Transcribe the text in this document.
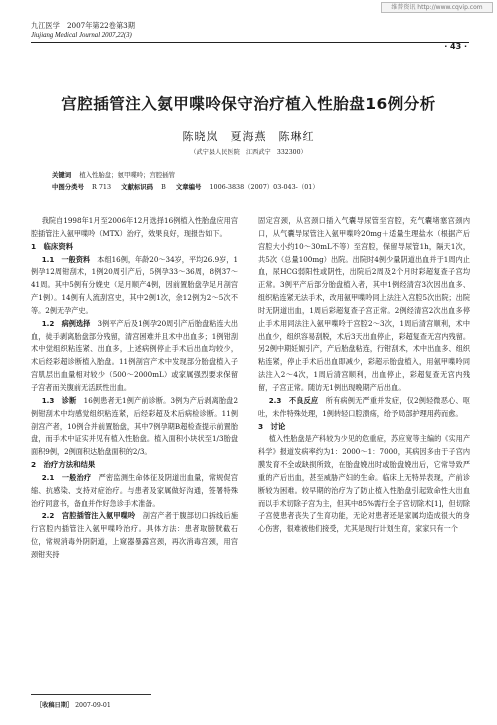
维普资讯 http://www.cqvip.com
九江医学　2007年第22卷第3期
Jiujiang Medical Journal 2007,22(3)
· 43 ·
宫腔插管注入氨甲喋呤保守治疗植入性胎盘16例分析
陈晓岚　夏海燕　陈琳红
（武宁县人民医院　江西武宁　332300）
关键词 植入性胎盘；氨甲喋呤；宫腔插管
中图分类号 R 713 文献标识码 B 文章编号 1006-3838（2007）03-043-（01）

我院自1998年1月至2006年12月选择16例植入性胎盘应用宫腔插管注入氨甲喋呤（MTX）治疗，效果良好，现报告如下。

1　临床资料

1.1　一般资料　 本组16例，年龄20～34岁，平均26.9岁，1例孕12周钳刮术，1例20周引产后，5例孕33～36周，8例37～41周。其中5例有分娩史（足月顺产4例，因前置胎盘孕足月剖宫产1例）。14例有人流刮宫史，其中2例1次，余12例为2～5次不等。2例无孕产史。

1.2　病例选择　 3例平产后及1例孕20周引产后胎盘粘连大出血，徒手剥离胎盘部分残留，清宫困难并且术中出血多；1例钳刮术中觉组织粘连紧、出血多，上述病例停止手术后出血均较少，术后经彩超诊断植入胎盘。11例剖宫产术中发现部分胎盘植入子宫肌层出血量相对较少（500～2000mL）或家属强烈要求保留子宫者而关腹前无活跃性出血。

1.3　诊断　 16例患者无1例产前诊断。3例为产后剥离胎盘2例钳刮术中均感觉组织粘连紧，后经彩超及术后病检诊断。11例剖宫产者，10例合并前置胎盘，其中7例孕期B超检查提示前置胎盘，而手术中证实并见有植入性胎盘。植入面积小块状至1/3胎盘面积9例，2例面积达胎盘面积的2/3。

2　治疗方法和结果

2.1　一般治疗　 严密监测生命体征及阴道出血量，常规促宫缩、抗感染、支持对症治疗。与患者及家属做好沟通，签署特殊治疗同意书，备血并作好急诊手术准备。

2.2　宫腔插管注入氨甲喋呤　 剖宫产者于腹部切口拆线后施行宫腔内插管注入氨甲喋呤治疗。具体方法：患者取膀胱截石位，常规消毒外阴阴道，上窥器暴露宫颈，再次消毒宫颈，用宫颈钳夹持

固定宫颈，从宫颈口插入气囊导尿管至宫腔，充气囊堵塞宫颈内口，从气囊导尿管注入氨甲喋呤20mg＋适量生理盐水（根据产后宫腔大小约10～30mL不等）至宫腔，保留导尿管1h，隔天1次，共5次（总量100mg）出院。出院时4例少量阴道出血并于1周内止血，尿HCG弱阳性或阴性，出院后2周及2个月时彩超复查子宫均正常。3例平产后部分胎盘植入者，其中1例经清宫3次因出血多、组织粘连紧无法手术，改用氨甲喋呤同上法注入宫腔5次出院；出院时无阴道出血，1周后彩超复查子宫正常。2例经清宫2次出血多停止手术用同法注入氨甲喋呤于宫腔2～3次，1周后清宫顺利，术中出血少，组织容易刮脱，术后3天出血停止，彩超复查无宫内残留。另2例中期妊娠引产，产后胎盘粘连，行钳刮术，术中出血多、组织粘连紧，停止手术后出血即减少，彩超示胎盘植入，用氨甲喋呤同法注入2～4次，1周后清宫顺利，出血停止，彩超复查无宫内残留，子宫正常。随访无1例出现晚期产后出血。

2.3　不良反应　 所有病例无严重并发症，仅2例轻微恶心、呕吐，未作特殊处理，1例转轻口腔溃疡，给予局部护理用药而愈。

3　讨论

植入性胎盘是产科较为少见的危重症，苏应宽等主编的《实用产科学》报道发病率约为1：2000～1：7000，其病因多由于子宫内膜发育不全或缺损所致，在胎盘娩出时或胎盘娩出后，它常导致严重的产后出血，甚至威胁产妇的生命。临床上无特异表现，产前诊断较为困难。较早期的治疗为了防止植入性胎盘引起致命性大出血而以手术切除子宫为主，但其中85%需行全子宫切除术[1]，但切除子宫使患者丧失了生育功能，无论对患者还是家属均造成很大的身心伤害，很难被他们接受，尤其是现行计划生育，家家只有一个

［收稿日期］ 2007-09-01
